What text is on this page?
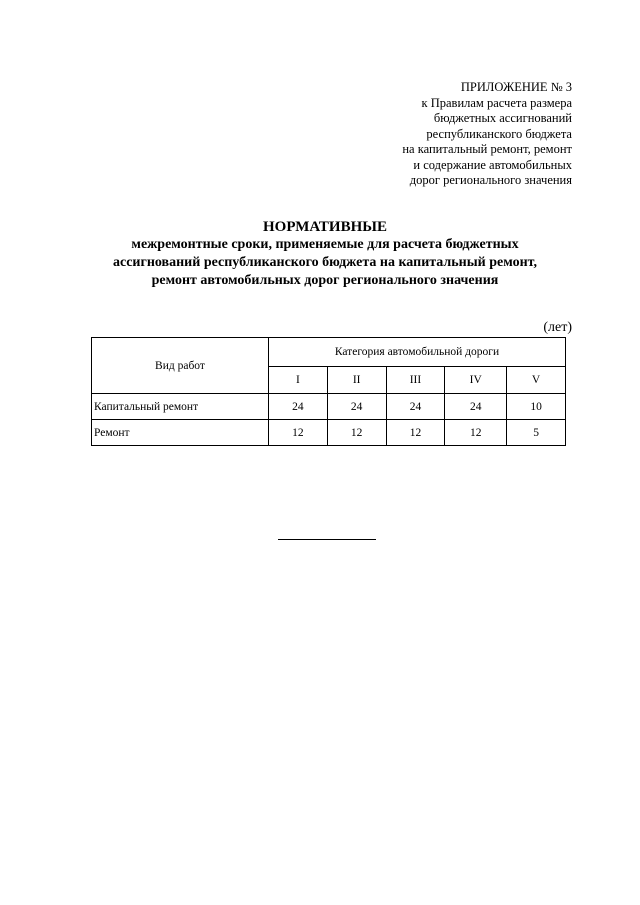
ПРИЛОЖЕНИЕ № 3
к Правилам расчета размера
бюджетных ассигнований
республиканского бюджета
на капитальный ремонт, ремонт
и содержание автомобильных
дорог регионального значения
НОРМАТИВНЫЕ
межремонтные сроки, применяемые для расчета бюджетных
ассигнований республиканского бюджета на капитальный ремонт,
ремонт автомобильных дорог регионального значения
(лет)
Вид работ	Категория автомобильной дороги				
	I	II	III	IV	V
Капитальный ремонт	24	24	24	24	10
Ремонт	12	12	12	12	5
